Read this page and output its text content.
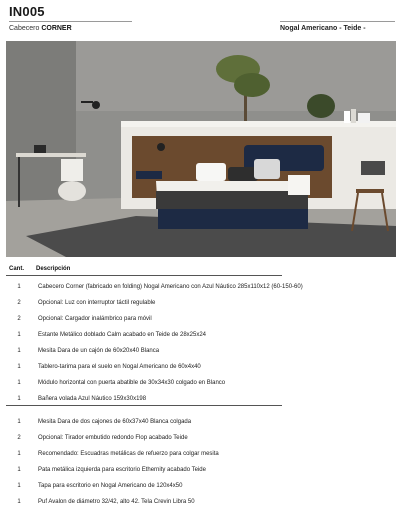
IN005
Cabecero CORNER	Nogal Americano - Teide -
Cant. Descripción
1	Cabecero Corner (fabricado en folding) Nogal Americano con Azul Náutico 285x110x12 (60-150-60)
2	Opcional: Luz con interruptor táctil regulable
2	Opcional: Cargador inalámbrico para móvil
1	Estante Metálico doblado Calm acabado en Teide de 28x25x24
1	Mesita Dara de un cajón de 60x20x40 Blanca
1	Tablero-tarima para el suelo en Nogal Americano de 60x4x40
1	Módulo horizontal con puerta abatible de 30x34x30 colgado en Blanco
1	Bañera volada Azul Náutico 159x30x198
1	Mesita Dara de dos cajones de 60x37x40 Blanca colgada
2	Opcional: Tirador embutido redondo Flop acabado Teide
1	Recomendado: Escuadras metálicas de refuerzo para colgar mesita
1	Pata metálica izquierda para escritorio Ethernity acabado Teide
1	Tapa para escritorio en Nogal Americano de 120x4x50
1	Puf Avalon de diámetro 32/42, alto 42. Tela Crevin Libra 50
